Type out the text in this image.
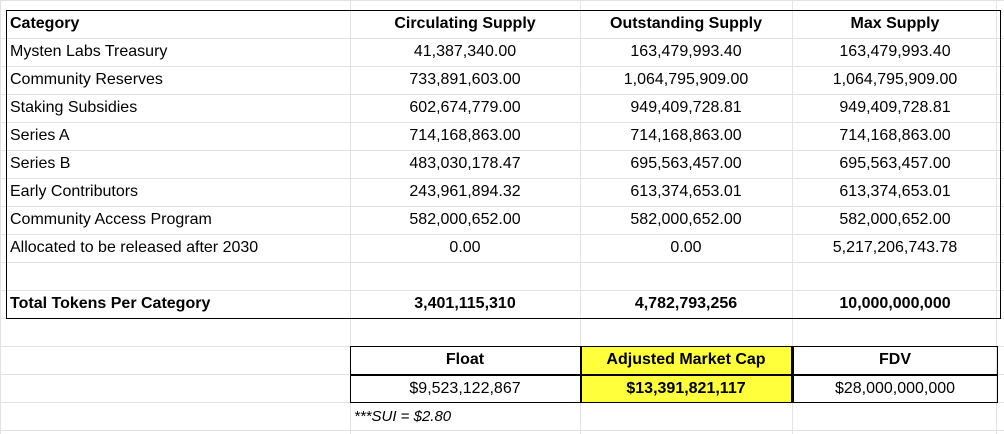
Category	Circulating Supply	Outstanding Supply	Max Supply
Mysten Labs Treasury	41,387,340.00	163,479,993.40	163,479,993.40
Community Reserves	733,891,603.00	1,064,795,909.00	1,064,795,909.00
Staking Subsidies	602,674,779.00	949,409,728.81	949,409,728.81
Series A	714,168,863.00	714,168,863.00	714,168,863.00
Series B	483,030,178.47	695,563,457.00	695,563,457.00
Early Contributors	243,961,894.32	613,374,653.01	613,374,653.01
Community Access Program	582,000,652.00	582,000,652.00	582,000,652.00
Allocated to be released after 2030	0.00	0.00	5,217,206,743.78
Total Tokens Per Category	3,401,115,310	4,782,793,256	10,000,000,000
Float	Adjusted Market Cap	FDV
$9,523,122,867	$13,391,821,117	$28,000,000,000
***SUI = $2.80
